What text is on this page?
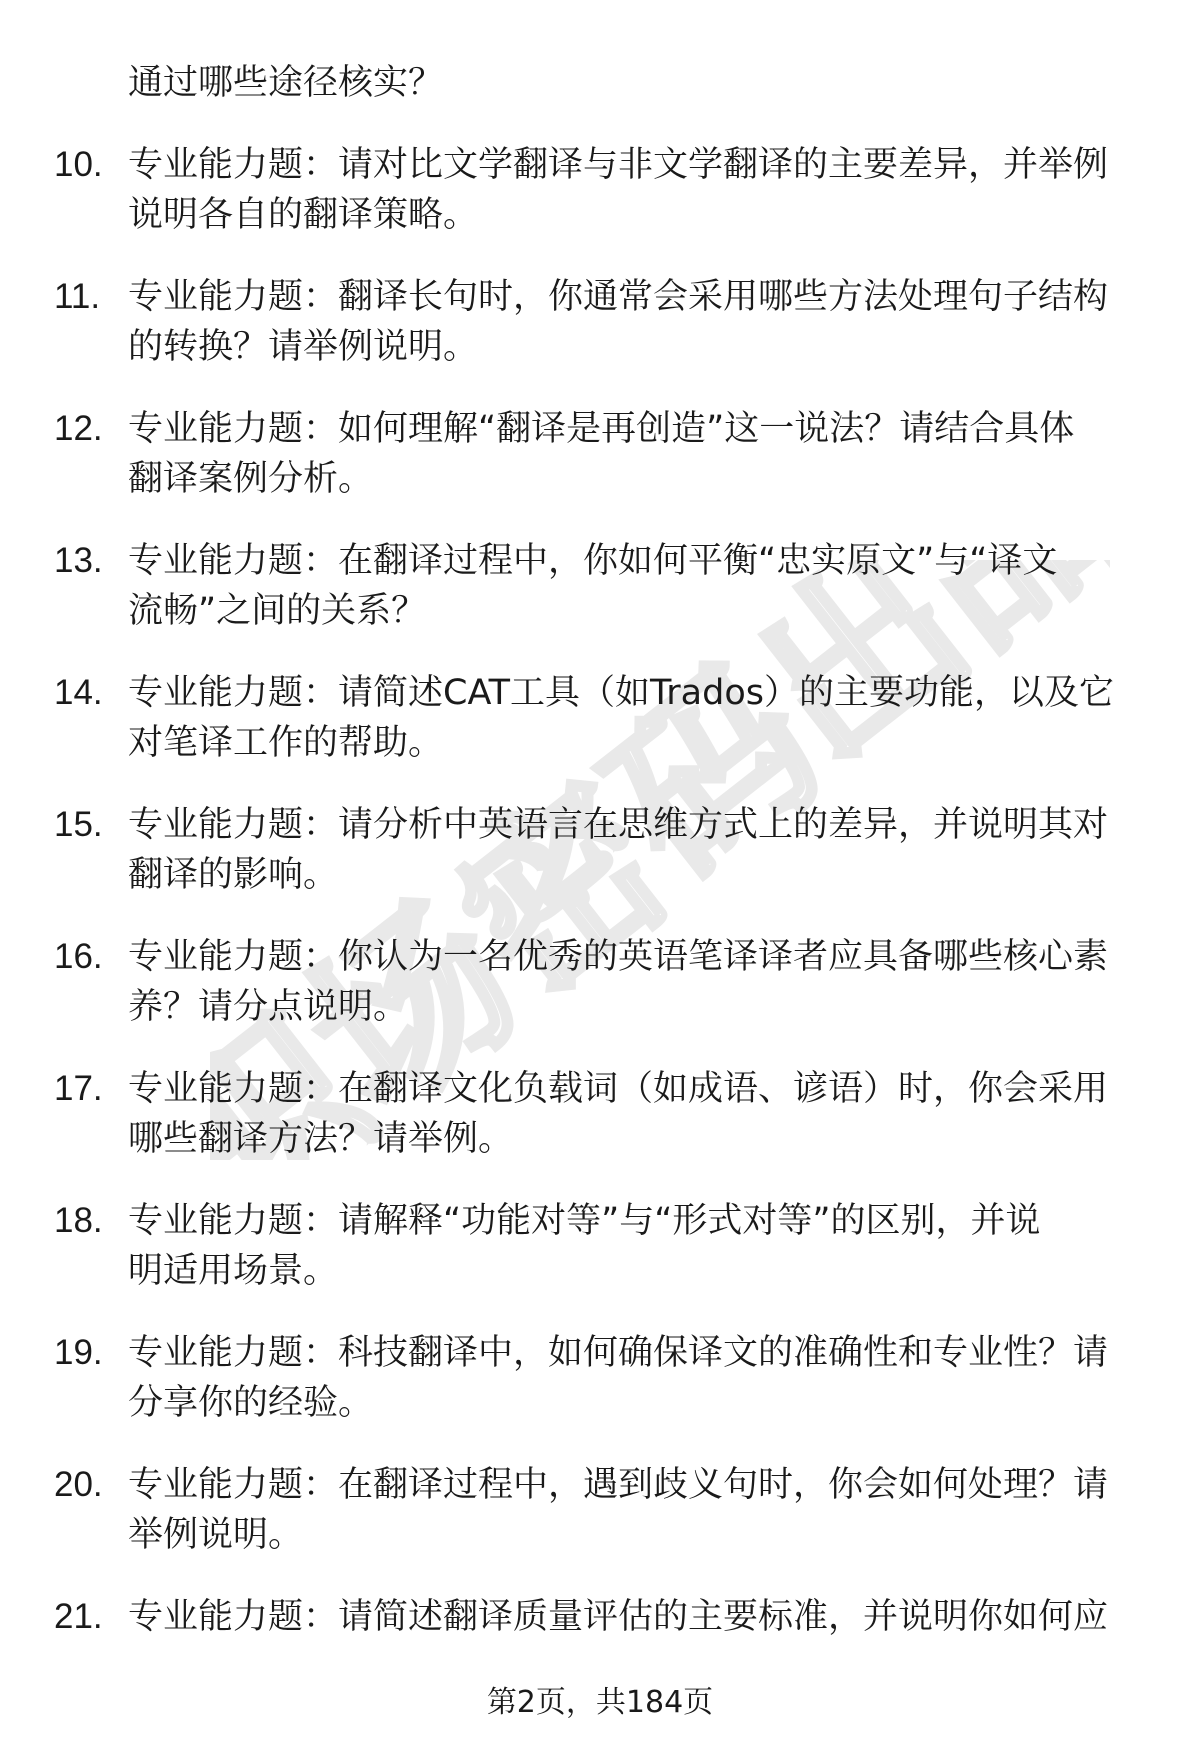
职场密码出品

通过哪些途径核实？

10. 专业能力题：请对比文学翻译与非文学翻译的主要差异，并举例
说明各自的翻译策略。

11. 专业能力题：翻译长句时，你通常会采用哪些方法处理句子结构
的转换？请举例说明。

12. 专业能力题：如何理解“翻译是再创造”这一说法？请结合具体
翻译案例分析。

13. 专业能力题：在翻译过程中，你如何平衡“忠实原文”与“译文
流畅”之间的关系？

14. 专业能力题：请简述CAT工具（如Trados）的主要功能，以及它
对笔译工作的帮助。

15. 专业能力题：请分析中英语言在思维方式上的差异，并说明其对
翻译的影响。

16. 专业能力题：你认为一名优秀的英语笔译译者应具备哪些核心素
养？请分点说明。

17. 专业能力题：在翻译文化负载词（如成语、谚语）时，你会采用
哪些翻译方法？请举例。

18. 专业能力题：请解释“功能对等”与“形式对等”的区别，并说
明适用场景。

19. 专业能力题：科技翻译中，如何确保译文的准确性和专业性？请
分享你的经验。

20. 专业能力题：在翻译过程中，遇到歧义句时，你会如何处理？请
举例说明。

21. 专业能力题：请简述翻译质量评估的主要标准，并说明你如何应

第2页，共184页
